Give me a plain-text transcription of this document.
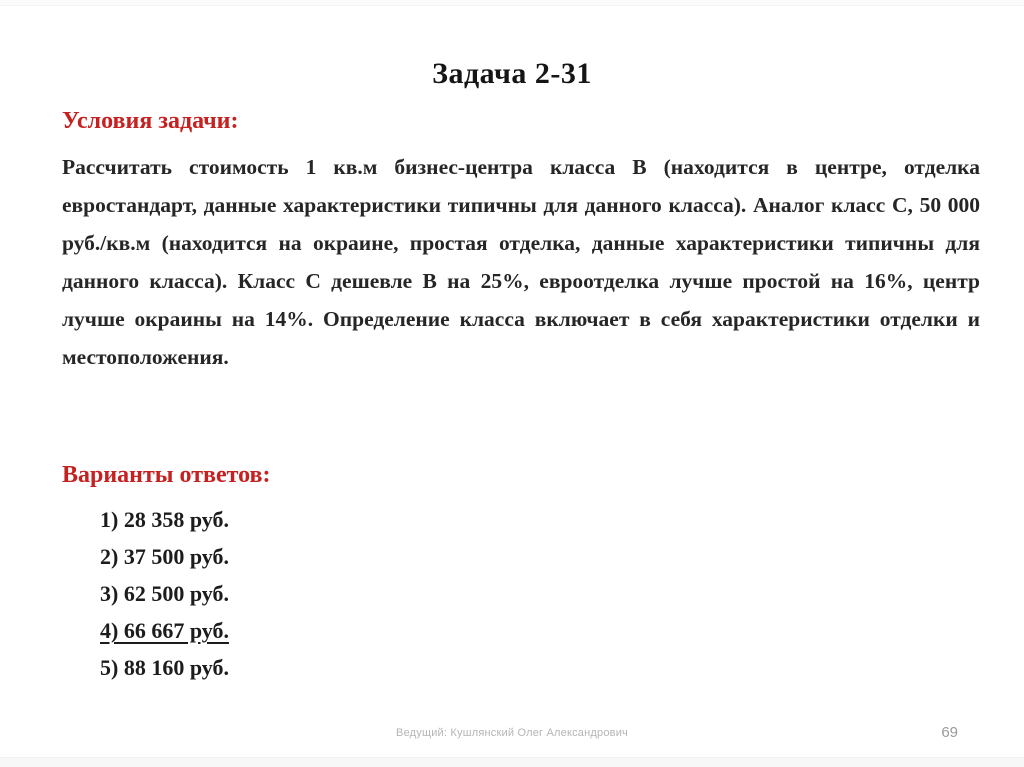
Задача 2-31
Условия задачи:

Рассчитать стоимость 1 кв.м бизнес-центра класса В (находится в центре, отделка евростандарт, данные характеристики типичны для данного класса). Аналог класс С, 50 000 руб./кв.м (находится на окраине, простая отделка, данные характеристики типичны для данного класса). Класс С дешевле В на 25%, евроотделка лучше простой на 16%, центр лучше окраины на 14%. Определение класса включает в себя характеристики отделки и местоположения.

Варианты ответов:
1) 28 358 руб.
2) 37 500 руб.
3) 62 500 руб.
4) 66 667 руб.
5) 88 160 руб.
Ведущий: Кушлянский Олег Александрович	69
